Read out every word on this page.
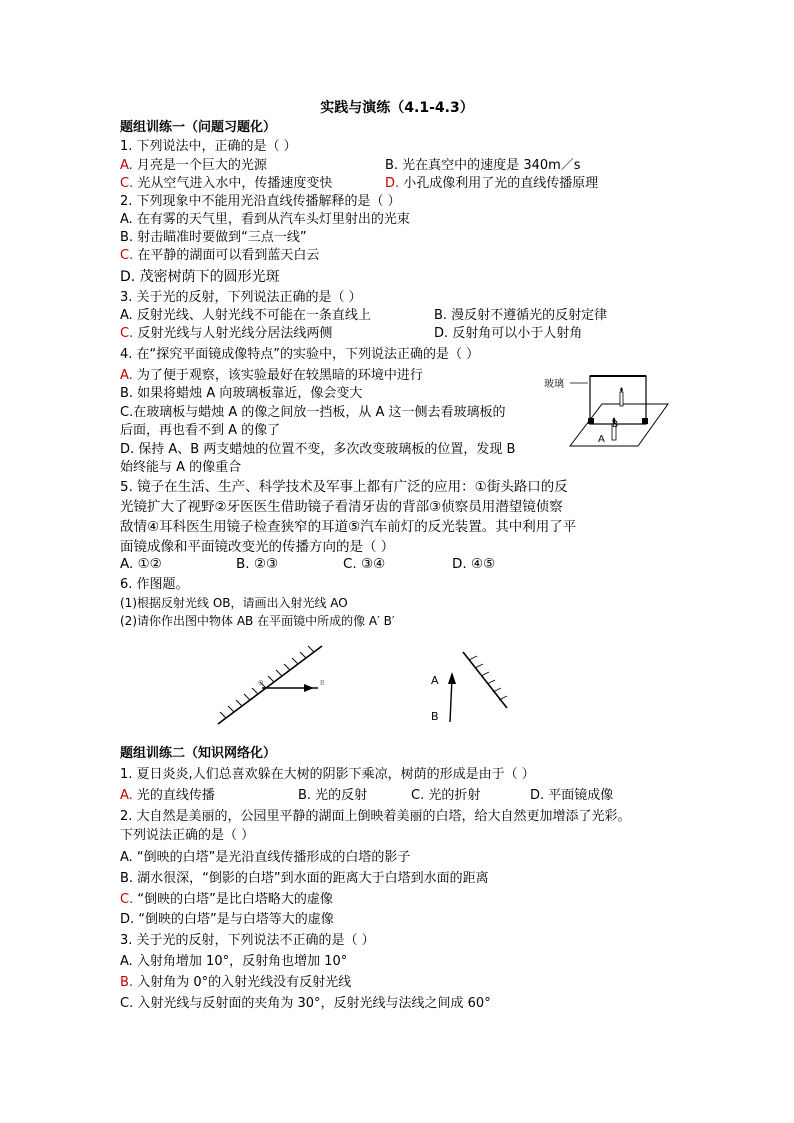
实践与演练（4.1-4.3）
题组训练一（问题习题化）
1. 下列说法中，正确的是（ ）
A. 月亮是一个巨大的光源	B. 光在真空中的速度是 340m／s
C. 光从空气进入水中，传播速度变快	D. 小孔成像利用了光的直线传播原理
2. 下列现象中不能用光沿直线传播解释的是（ ）
A. 在有雾的天气里，看到从汽车头灯里射出的光束
B. 射击瞄准时要做到“三点一线”
C. 在平静的湖面可以看到蓝天白云
D. 茂密树荫下的圆形光斑
3. 关于光的反射，下列说法正确的是（ ）
A. 反射光线、人射光线不可能在一条直线上	B. 漫反射不遵循光的反射定律
C. 反射光线与人射光线分居法线两侧	D. 反射角可以小于人射角
4. 在“探究平面镜成像特点”的实验中，下列说法正确的是（ ）
A. 为了便于观察，该实验最好在较黑暗的环境中进行
B. 如果将蜡烛 A 向玻璃板靠近，像会变大
C.在玻璃板与蜡烛 A 的像之间放一挡板，从 A 这一侧去看玻璃板的
后面，再也看不到 A 的像了
D. 保持 A、B 两支蜡烛的位置不变，多次改变玻璃板的位置，发现 B
始终能与 A 的像重合
玻璃
B
A
5. 镜子在生活、生产、科学技术及军事上都有广泛的应用：①街头路口的反
光镜扩大了视野②牙医医生借助镜子看清牙齿的背部③侦察员用潜望镜侦察
敌情④耳科医生用镜子检查狭窄的耳道⑤汽车前灯的反光装置。其中利用了平
面镜成像和平面镜改变光的传播方向的是（ ）
A. ①②	B. ②③	C. ③④	D. ④⑤
6. 作图题。
(1)根据反射光线 OB，请画出入射光线 AO
(2)请你作出图中物体 AB 在平面镜中所成的像 A′ B′
O	B	A
B
题组训练二（知识网络化）
1. 夏日炎炎,人们总喜欢躲在大树的阴影下乘凉，树荫的形成是由于（ ）
A. 光的直线传播	B. 光的反射	C. 光的折射	D. 平面镜成像
2. 大自然是美丽的，公园里平静的湖面上倒映着美丽的白塔，给大自然更加增添了光彩。
下列说法正确的是（ ）
A. “倒映的白塔”是光沿直线传播形成的白塔的影子
B. 湖水很深，“倒影的白塔”到水面的距离大于白塔到水面的距离
C. “倒映的白塔”是比白塔略大的虚像
D. “倒映的白塔”是与白塔等大的虚像
3. 关于光的反射，下列说法不正确的是（ ）
A. 入射角增加 10°，反射角也增加 10°
B. 入射角为 0°的入射光线没有反射光线
C. 入射光线与反射面的夹角为 30°，反射光线与法线之间成 60°
